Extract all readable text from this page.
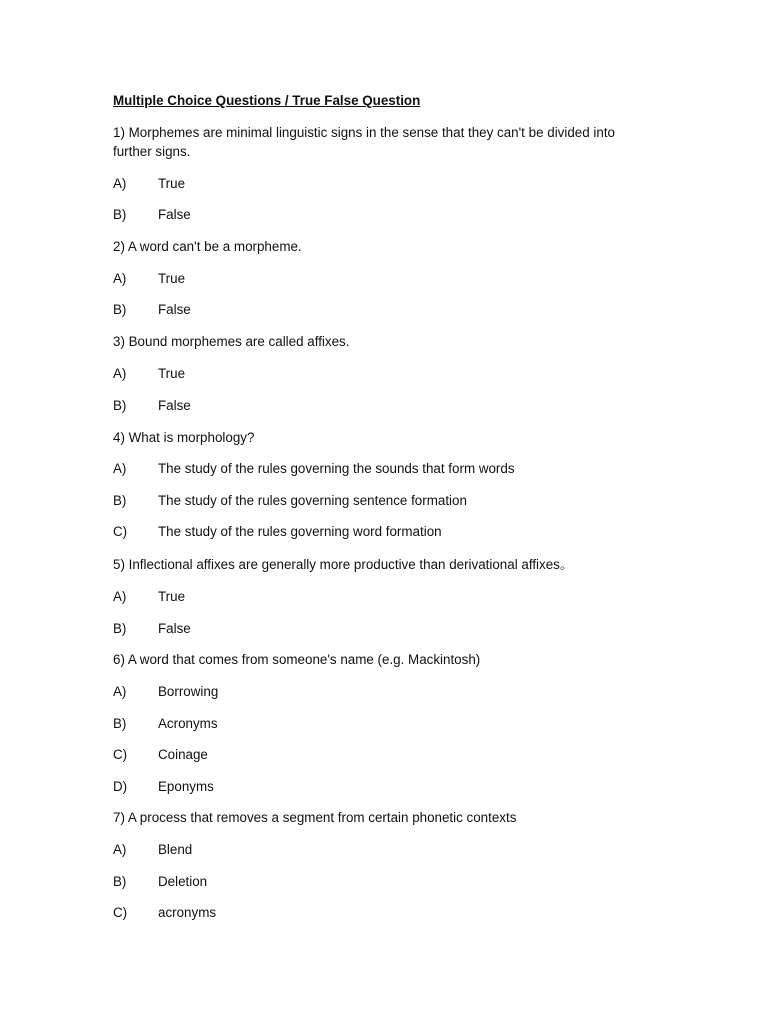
Multiple Choice Questions / True False Question
1) Morphemes are minimal linguistic signs in the sense that they can't be divided into further signs.
A) True
B) False
2) A word can't be a morpheme.
A) True
B) False
3) Bound morphemes are called affixes.
A) True
B) False
4) What is morphology?
A) The study of the rules governing the sounds that form words
B) The study of the rules governing sentence formation
C) The study of the rules governing word formation
5) Inflectional affixes are generally more productive than derivational affixes。
A) True
B) False
6) A word that comes from someone's name (e.g. Mackintosh)
A) Borrowing
B) Acronyms
C) Coinage
D) Eponyms
7) A process that removes a segment from certain phonetic contexts
A) Blend
B) Deletion
C) acronyms
